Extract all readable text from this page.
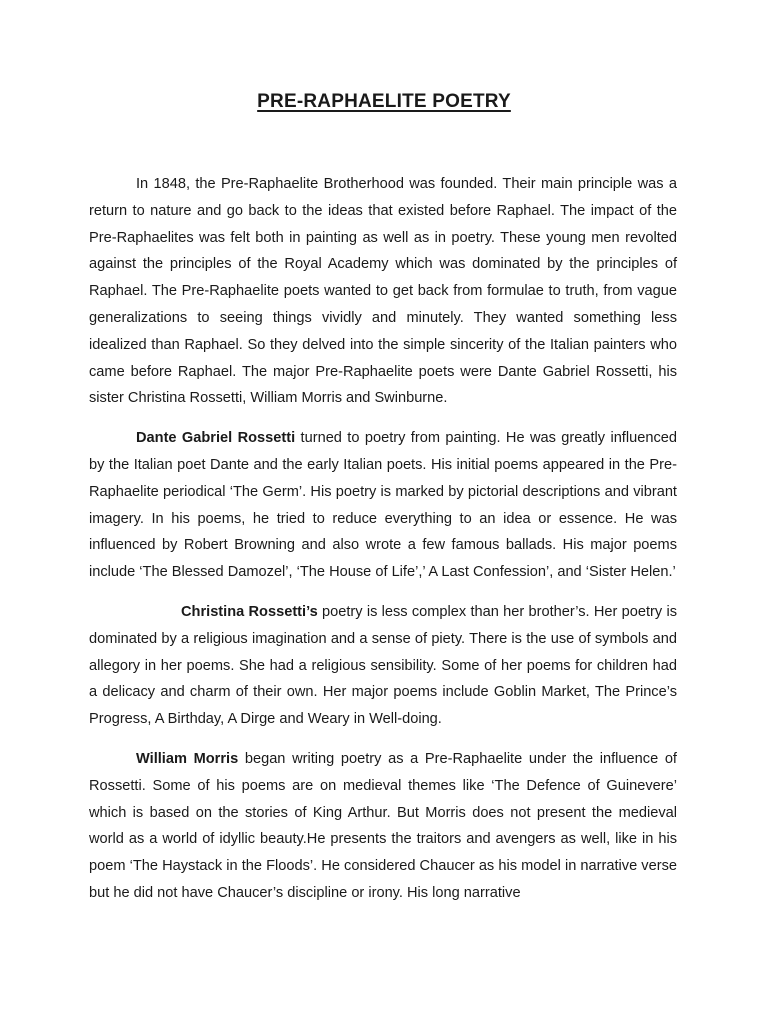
PRE-RAPHAELITE POETRY

In 1848, the Pre-Raphaelite Brotherhood was founded. Their main principle was a return to nature and go back to the ideas that existed before Raphael. The impact of the Pre-Raphaelites was felt both in painting as well as in poetry. These young men revolted against the principles of the Royal Academy which was dominated by the principles of Raphael. The Pre-Raphaelite poets wanted to get back from formulae to truth, from vague generalizations to seeing things vividly and minutely. They wanted something less idealized than Raphael. So they delved into the simple sincerity of the Italian painters who came before Raphael. The major Pre-Raphaelite poets were Dante Gabriel Rossetti, his sister Christina Rossetti, William Morris and Swinburne.

Dante Gabriel Rossetti turned to poetry from painting. He was greatly influenced by the Italian poet Dante and the early Italian poets. His initial poems appeared in the Pre-Raphaelite periodical ‘The Germ’. His poetry is marked by pictorial descriptions and vibrant imagery. In his poems, he tried to reduce everything to an idea or essence. He was influenced by Robert Browning and also wrote a few famous ballads. His major poems include ‘The Blessed Damozel’, ‘The House of Life’,’ A Last Confession’, and ‘Sister Helen.’

Christina Rossetti’s poetry is less complex than her brother’s. Her poetry is dominated by a religious imagination and a sense of piety. There is the use of symbols and allegory in her poems. She had a religious sensibility. Some of her poems for children had a delicacy and charm of their own. Her major poems include Goblin Market, The Prince’s Progress, A Birthday, A Dirge and Weary in Well-doing.

William Morris began writing poetry as a Pre-Raphaelite under the influence of Rossetti. Some of his poems are on medieval themes like ‘The Defence of Guinevere’ which is based on the stories of King Arthur. But Morris does not present the medieval world as a world of idyllic beauty.He presents the traitors and avengers as well, like in his poem ‘The Haystack in the Floods’. He considered Chaucer as his model in narrative verse but he did not have Chaucer’s discipline or irony. His long narrative
